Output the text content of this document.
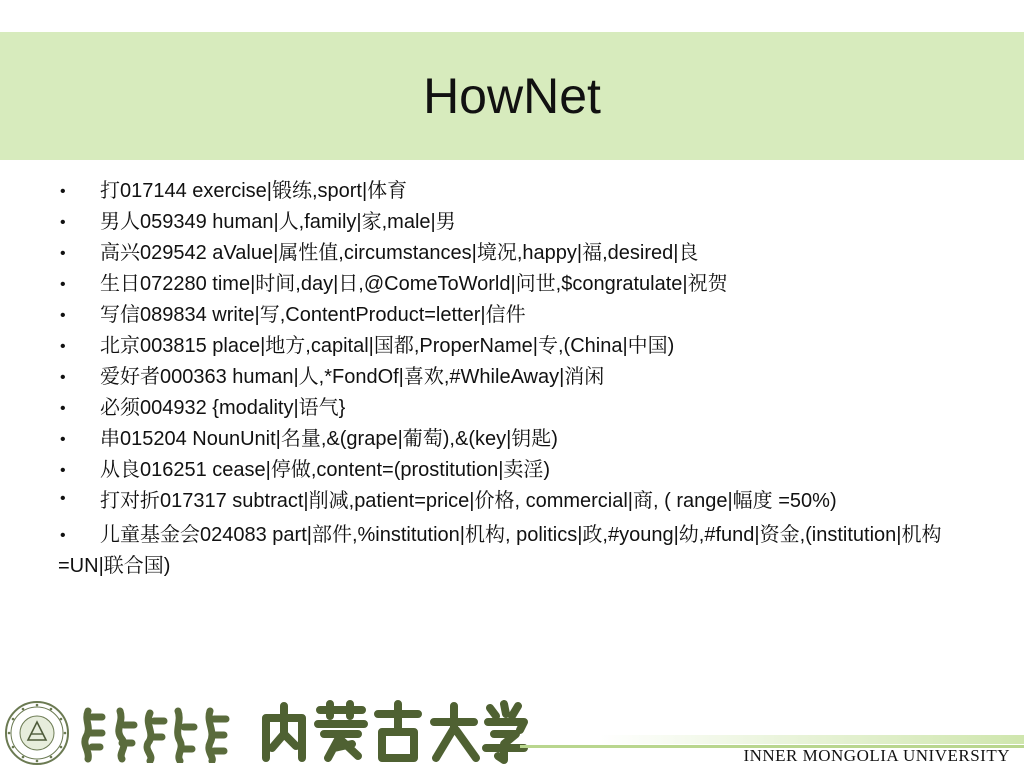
HowNet
• 打017144 exercise|锻练,sport|体育
• 男人059349 human|人,family|家,male|男
• 高兴029542 aValue|属性值,circumstances|境况,happy|福,desired|良
• 生日072280 time|时间,day|日,@ComeToWorld|问世,$congratulate|祝贺
• 写信089834 write|写,ContentProduct=letter|信件
• 北京003815 place|地方,capital|国都,ProperName|专,(China|中国)
• 爱好者000363 human|人,*FondOf|喜欢,#WhileAway|消闲
• 必须004932 {modality|语气}
• 串015204 NounUnit|名量,&(grape|葡萄),&(key|钥匙)
• 从良016251 cease|停做,content=(prostitution|卖淫)
• 打对折017317 subtract|削减,patient=price|价格, commercial|商, ( range|幅度 =50%)
• 儿童基金会024083 part|部件,%institution|机构, politics|政,#young|幼,#fund|资金,(institution|机构=UN|联合国)
INNER MONGOLIA UNIVERSITY
